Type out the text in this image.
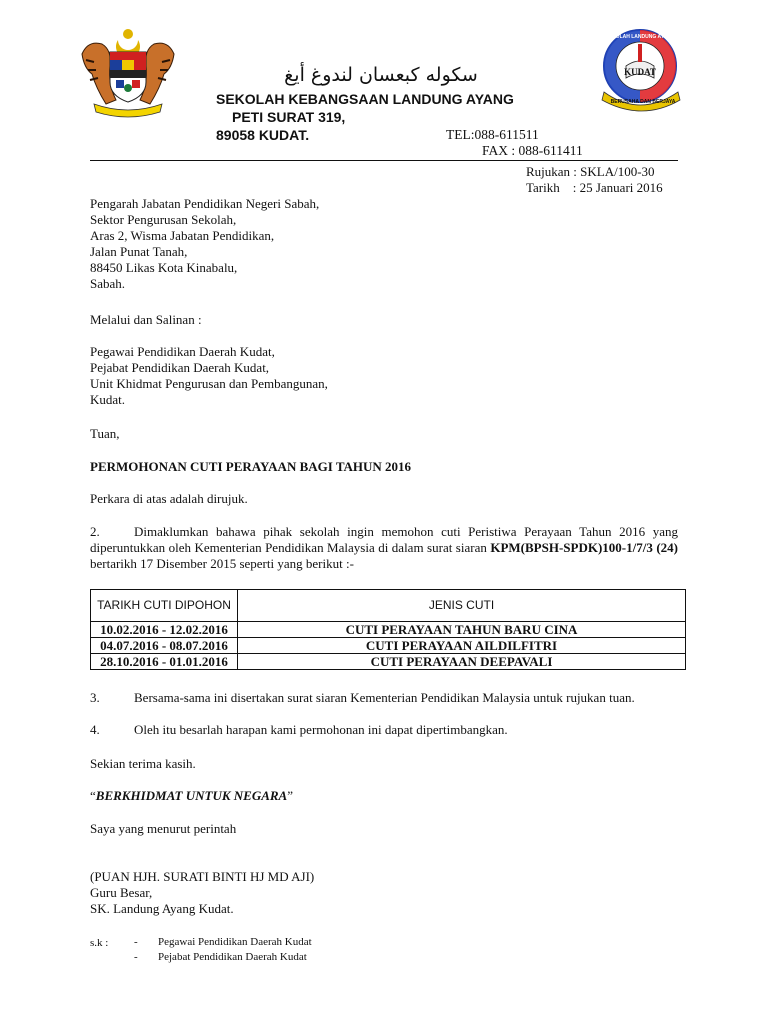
SEKOLAH LANDUNG AYANG
KUDAT
BERUSAHA DAN BERJAYA
سكوله كبعسان لندوغ أيغ
SEKOLAH KEBANGSAAN LANDUNG AYANG
PETI SURAT 319,
89058 KUDAT.	TEL:088-611511
FAX : 088-611411
Rujukan : SKLA/100-30
Tarikh    : 25 Januari 2016
Pengarah Jabatan Pendidikan Negeri Sabah,
Sektor Pengurusan Sekolah,
Aras 2, Wisma Jabatan Pendidikan,
Jalan Punat Tanah,
88450 Likas Kota Kinabalu,
Sabah.
Melalui dan Salinan :
Pegawai Pendidikan Daerah Kudat,
Pejabat Pendidikan Daerah Kudat,
Unit Khidmat Pengurusan dan Pembangunan,
Kudat.
Tuan,
PERMOHONAN CUTI PERAYAAN BAGI TAHUN 2016
Perkara di atas adalah dirujuk.
2.	Dimaklumkan bahawa pihak sekolah ingin memohon cuti Peristiwa Perayaan Tahun 2016 yang diperuntukkan oleh Kementerian Pendidikan Malaysia di dalam surat siaran KPM(BPSH-SPDK)100-1/7/3 (24) bertarikh 17 Disember 2015 seperti yang berikut :-
TARIKH CUTI DIPOHON	JENIS CUTI
10.02.2016 - 12.02.2016	CUTI PERAYAAN TAHUN BARU CINA
04.07.2016 - 08.07.2016	CUTI PERAYAAN AILDILFITRI
28.10.2016 - 01.01.2016	CUTI PERAYAAN DEEPAVALI
3.	Bersama-sama ini disertakan surat siaran Kementerian Pendidikan Malaysia untuk rujukan tuan.
4.	Oleh itu besarlah harapan kami permohonan ini dapat dipertimbangkan.
Sekian terima kasih.
“BERKHIDMAT UNTUK NEGARA”
Saya yang menurut perintah
(PUAN HJH. SURATI BINTI HJ MD AJI)
Guru Besar,
SK. Landung Ayang Kudat.
s.k : - Pegawai Pendidikan Daerah Kudat
- Pejabat Pendidikan Daerah Kudat
